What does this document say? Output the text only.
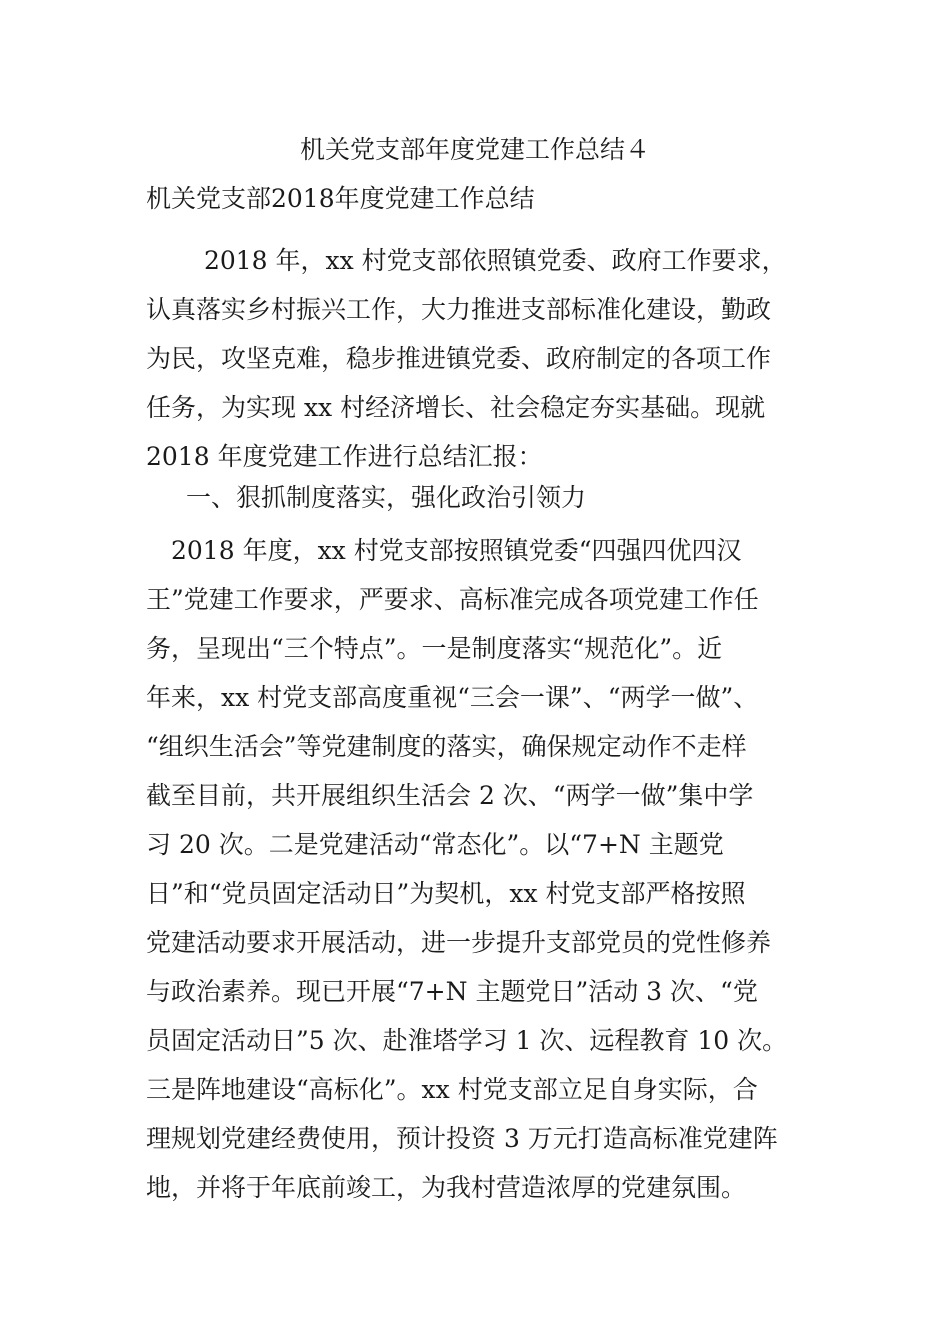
机关党支部年度党建工作总结４
机关党支部2018年度党建工作总结
　　 2018 年，xx 村党支部依照镇党委、政府工作要求，
认真落实乡村振兴工作，大力推进支部标准化建设，勤政
为民，攻坚克难，稳步推进镇党委、政府制定的各项工作
任务，为实现 xx 村经济增长、社会稳定夯实基础。现就
2018 年度党建工作进行总结汇报：
一、狠抓制度落实，强化政治引领力
　2018 年度，xx 村党支部按照镇党委“四强四优四汉
王”党建工作要求，严要求、高标准完成各项党建工作任
务，呈现出“三个特点”。一是制度落实“规范化”。近
年来，xx 村党支部高度重视“三会一课”、“两学一做”、
“组织生活会”等党建制度的落实，确保规定动作不走样
截至目前，共开展组织生活会 2 次、“两学一做”集中学
习 20 次。二是党建活动“常态化”。以“7+N 主题党
日”和“党员固定活动日”为契机，xx 村党支部严格按照
党建活动要求开展活动，进一步提升支部党员的党性修养
与政治素养。现已开展“7+N 主题党日”活动 3 次、“党
员固定活动日”5 次、赴淮塔学习 1 次、远程教育 10 次。
三是阵地建设“高标化”。xx 村党支部立足自身实际，合
理规划党建经费使用，预计投资 3 万元打造高标准党建阵
地，并将于年底前竣工，为我村营造浓厚的党建氛围。
